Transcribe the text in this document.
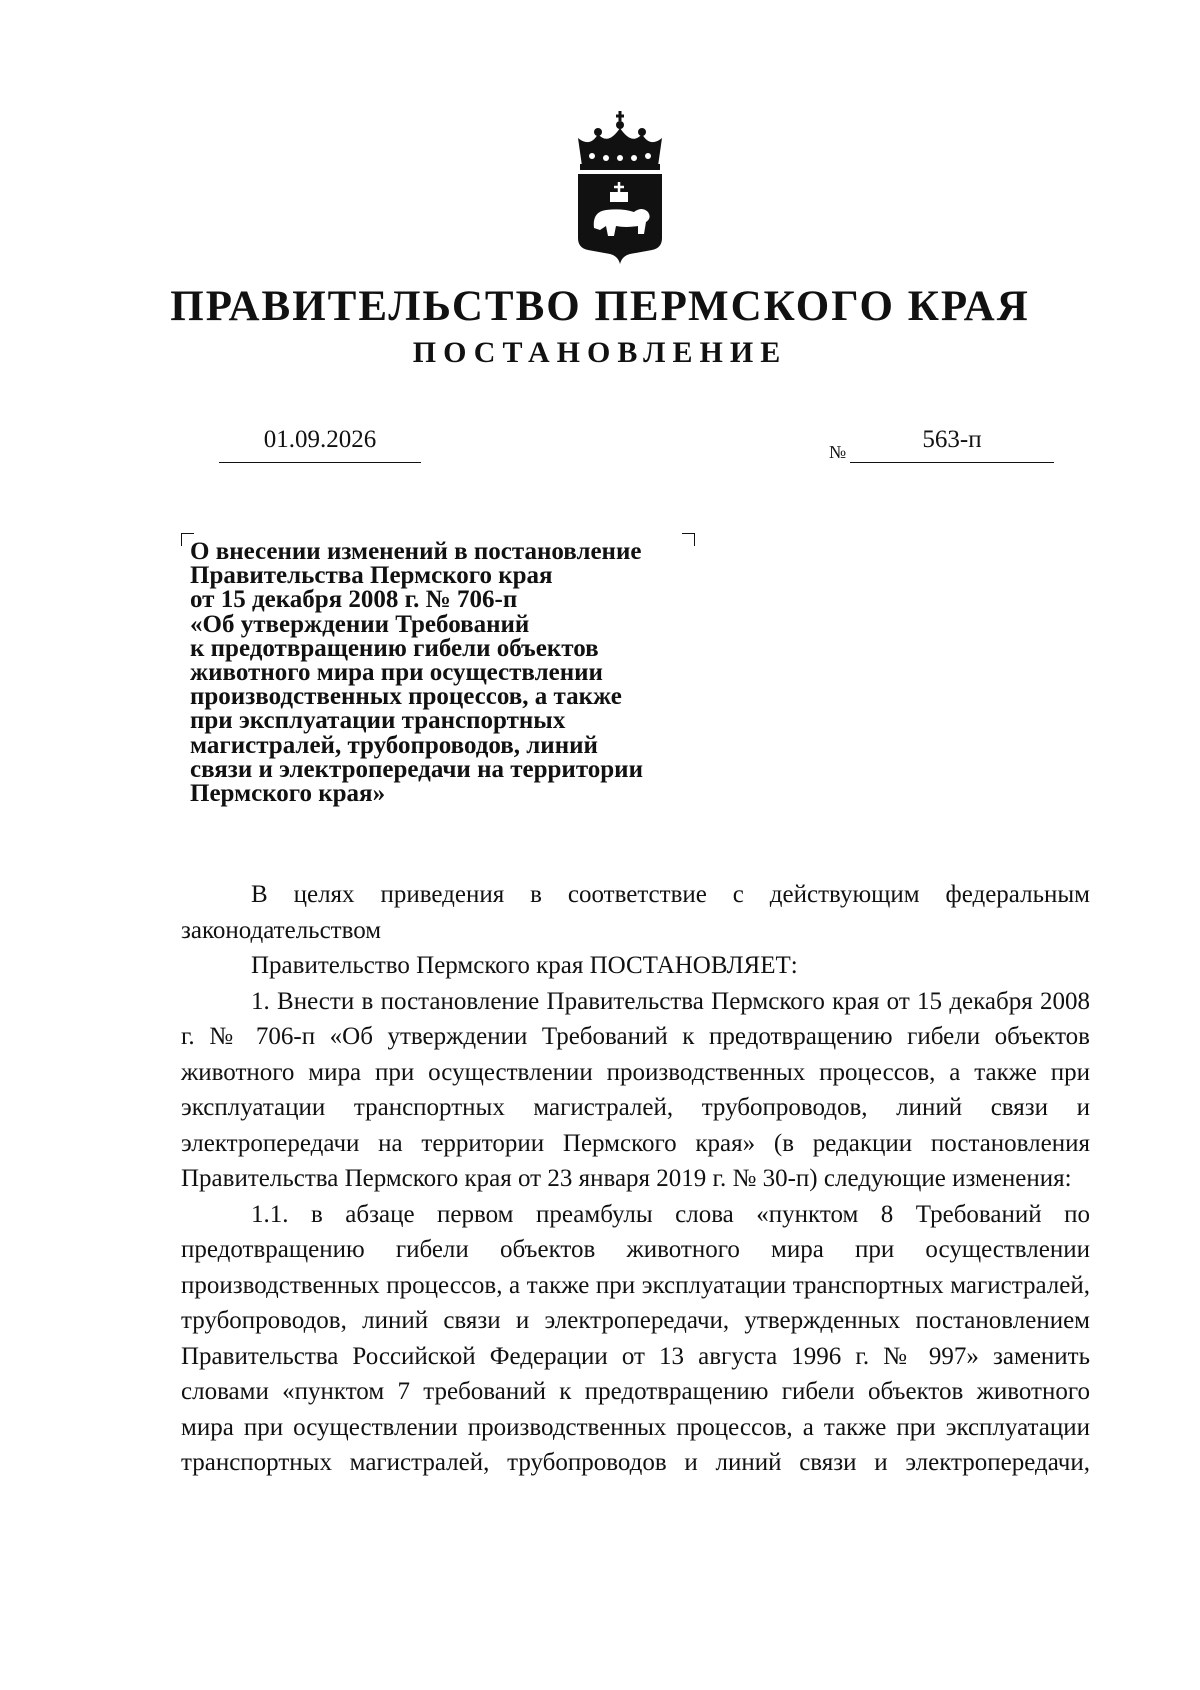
ПРАВИТЕЛЬСТВО ПЕРМСКОГО КРАЯ
ПОСТАНОВЛЕНИЕ
01.09.2026	№	563-п
О внесении изменений в постановление
Правительства Пермского края
от 15 декабря 2008 г. № 706-п
«Об утверждении Требований
к предотвращению гибели объектов
животного мира при осуществлении
производственных процессов, а также
при эксплуатации транспортных
магистралей, трубопроводов, линий
связи и электропередачи на территории
Пермского края»

В целях приведения в соответствие с действующим федеральным законодательством

Правительство Пермского края ПОСТАНОВЛЯЕТ:

1. Внести в постановление Правительства Пермского края от 15 декабря 2008 г. № 706-п «Об утверждении Требований к предотвращению гибели объектов животного мира при осуществлении производственных процессов, а также при эксплуатации транспортных магистралей, трубопроводов, линий связи и электропередачи на территории Пермского края» (в редакции постановления Правительства Пермского края от 23 января 2019 г. № 30-п) следующие изменения:

1.1. в абзаце первом преамбулы слова «пунктом 8 Требований по предотвращению гибели объектов животного мира при осуществлении производственных процессов, а также при эксплуатации транспортных магистралей, трубопроводов, линий связи и электропередачи, утвержденных постановлением Правительства Российской Федерации от 13 августа 1996 г. № 997» заменить словами «пунктом 7 требований к предотвращению гибели объектов животного мира при осуществлении производственных процессов, а также при эксплуатации транспортных магистралей, трубопроводов и линий связи и электропередачи,
